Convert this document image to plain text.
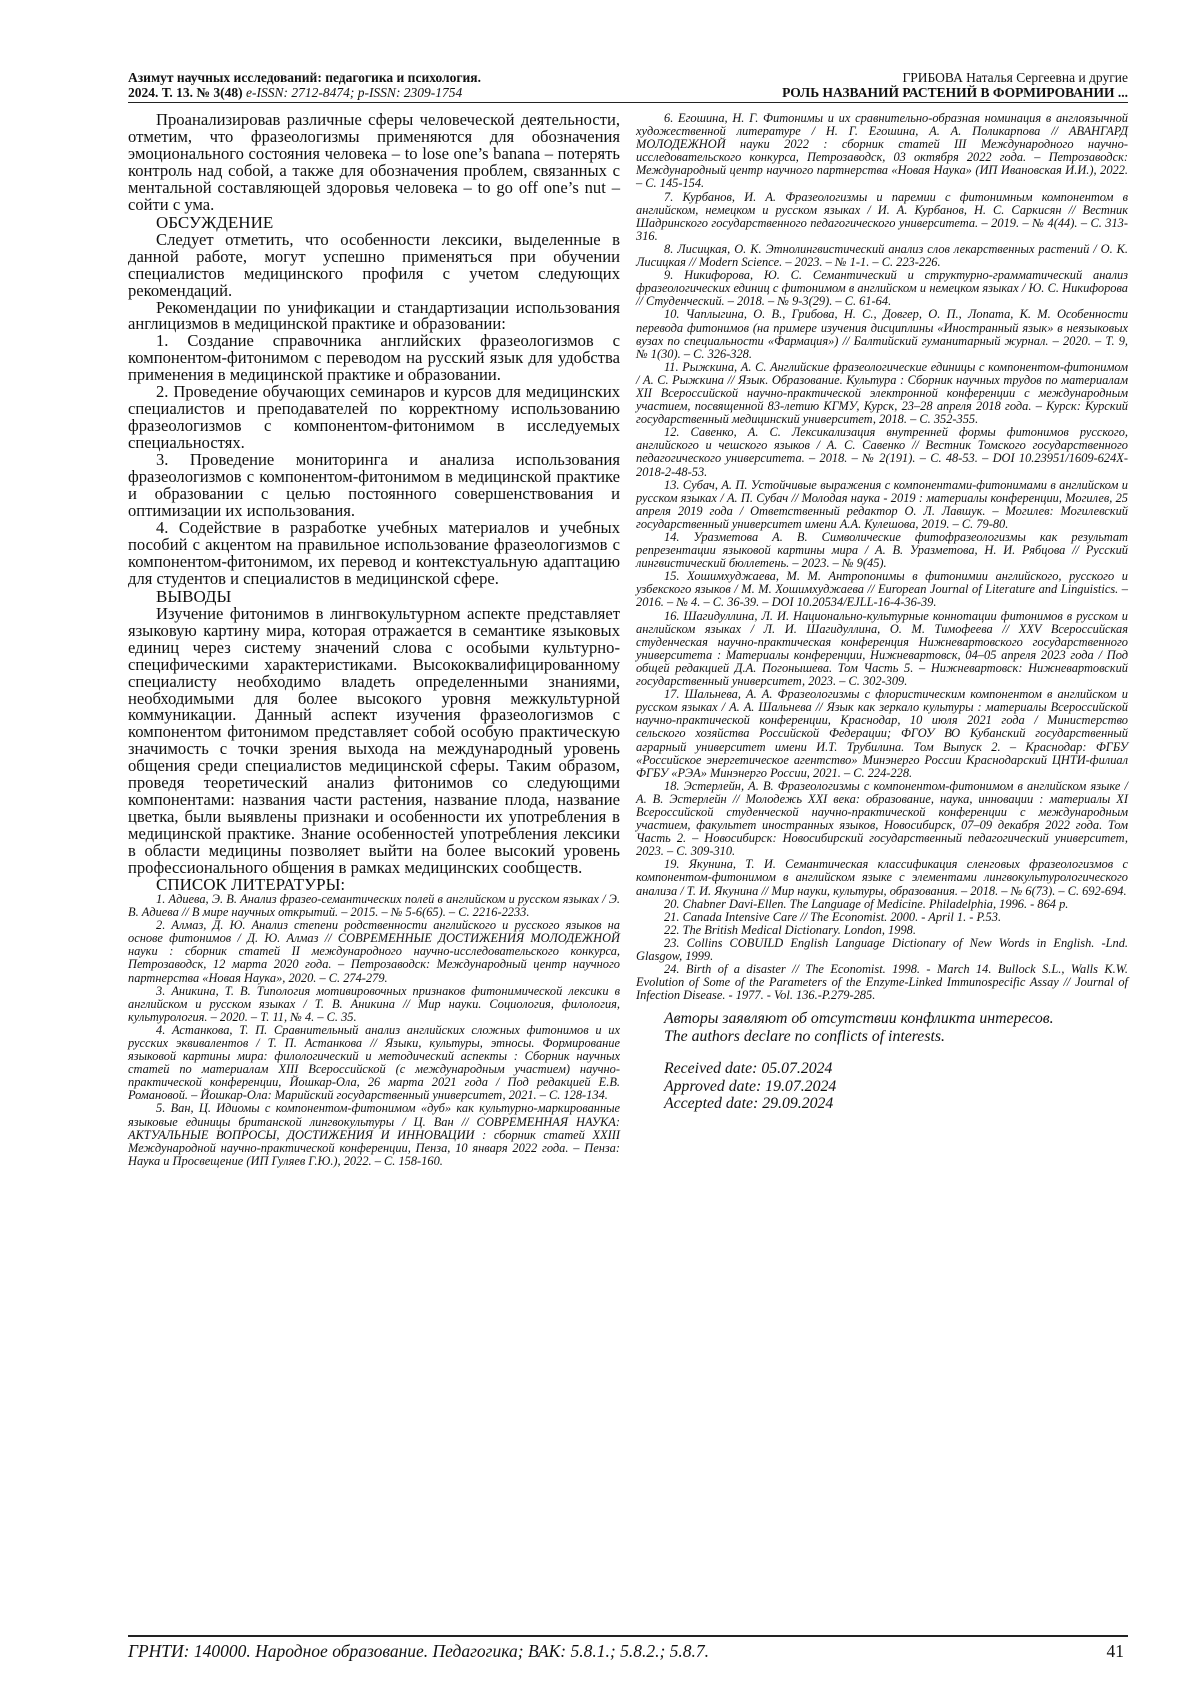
Азимут научных исследований: педагогика и психология.
2024. Т. 13. № 3(48) e-ISSN: 2712-8474; p-ISSN: 2309-1754
ГРИБОВА Наталья Сергеевна и другие
РОЛЬ НАЗВАНИЙ РАСТЕНИЙ В ФОРМИРОВАНИИ ...

Проанализировав различные сферы человеческой деятельности, отметим, что фразеологизмы применяются для обозначения эмоционального состояния человека – to lose one’s banana – потерять контроль над собой, а также для обозначения проблем, связанных с ментальной составляющей здоровья человека – to go off one’s nut – сойти с ума.

ОБСУЖДЕНИЕ

Следует отметить, что особенности лексики, выделенные в данной работе, могут успешно применяться при обучении специалистов медицинского профиля с учетом следующих рекомендаций.

Рекомендации по унификации и стандартизации использования англицизмов в медицинской практике и образовании:

1. Создание справочника английских фразеологизмов с компонентом-фитонимом с переводом на русский язык для удобства применения в медицинской практике и образовании.

2. Проведение обучающих семинаров и курсов для медицинских специалистов и преподавателей по корректному использованию фразеологизмов с компонентом-фитонимом в исследуемых специальностях.

3. Проведение мониторинга и анализа использования фразеологизмов с компонентом-фитонимом в медицинской практике и образовании с целью постоянного совершенствования и оптимизации их использования.

4. Содействие в разработке учебных материалов и учебных пособий с акцентом на правильное использование фразеологизмов с компонентом-фитонимом, их перевод и контекстуальную адаптацию для студентов и специалистов в медицинской сфере.

ВЫВОДЫ

Изучение фитонимов в лингвокультурном аспекте представляет языковую картину мира, которая отражается в семантике языковых единиц через систему значений слова с особыми культурно-специфическими характеристиками. Высококвалифицированному специалисту необходимо владеть определенными знаниями, необходимыми для более высокого уровня межкультурной коммуникации. Данный аспект изучения фразеологизмов с компонентом фитонимом представляет собой особую практическую значимость с точки зрения выхода на международный уровень общения среди специалистов медицинской сферы. Таким образом, проведя теоретический анализ фитонимов со следующими компонентами: названия части растения, название плода, название цветка, были выявлены признаки и особенности их употребления в медицинской практике. Знание особенностей употребления лексики в области медицины позволяет выйти на более высокий уровень профессионального общения в рамках медицинских сообществ.

СПИСОК ЛИТЕРАТУРЫ:

1. Адиева, Э. В. Анализ фразео-семантических полей в английском и русском языках / Э. В. Адиева // В мире научных открытий. – 2015. – № 5-6(65). – С. 2216-2233.

2. Алмаз, Д. Ю. Анализ степени родственности английского и русского языков на основе фитонимов / Д. Ю. Алмаз // СОВРЕМЕННЫЕ ДОСТИЖЕНИЯ МОЛОДЕЖНОЙ науки : сборник статей II международного научно-исследовательского конкурса, Петрозаводск, 12 марта 2020 года. – Петрозаводск: Международный центр научного партнерства «Новая Наука», 2020. – С. 274-279.

3. Аникина, Т. В. Типология мотивировочных признаков фитонимической лексики в английском и русском языках / Т. В. Аникина // Мир науки. Социология, филология, культурология. – 2020. – Т. 11, № 4. – С. 35.

4. Астанкова, Т. П. Сравнительный анализ английских сложных фитонимов и их русских эквивалентов / Т. П. Астанкова // Языки, культуры, этносы. Формирование языковой картины мира: филологический и методический аспекты : Сборник научных статей по материалам XIII Всероссийской (с международным участием) научно-практической конференции, Йошкар-Ола, 26 марта 2021 года / Под редакцией Е.В. Романовой. – Йошкар-Ола: Марийский государственный университет, 2021. – С. 128-134.

5. Ван, Ц. Идиомы с компонентом-фитонимом «дуб» как культурно-маркированные языковые единицы британской лингвокультуры / Ц. Ван // СОВРЕМЕННАЯ НАУКА: АКТУАЛЬНЫЕ ВОПРОСЫ, ДОСТИЖЕНИЯ И ИННОВАЦИИ : сборник статей XXIII Международной научно-практической конференции, Пенза, 10 января 2022 года. – Пенза: Наука и Просвещение (ИП Гуляев Г.Ю.), 2022. – С. 158-160.

6. Егошина, Н. Г. Фитонимы и их сравнительно-образная номинация в англоязычной художественной литературе / Н. Г. Егошина, А. А. Поликарпова // АВАНГАРД МОЛОДЕЖНОЙ науки 2022 : сборник статей III Международного научно-исследовательского конкурса, Петрозаводск, 03 октября 2022 года. – Петрозаводск: Международный центр научного партнерства «Новая Наука» (ИП Ивановская И.И.), 2022. – С. 145-154.

7. Курбанов, И. А. Фразеологизмы и паремии с фитонимным компонентом в английском, немецком и русском языках / И. А. Курбанов, Н. С. Саркисян // Вестник Шадринского государственного педагогического университета. – 2019. – № 4(44). – С. 313-316.

8. Лисицкая, О. К. Этнолингвистический анализ слов лекарственных растений / О. К. Лисицкая // Modern Science. – 2023. – № 1-1. – С. 223-226.

9. Никифорова, Ю. С. Семантический и структурно-грамматический анализ фразеологических единиц с фитонимом в английском и немецком языках / Ю. С. Никифорова // Студенческий. – 2018. – № 9-3(29). – С. 61-64.

10. Чаплыгина, О. В., Грибова, Н. С., Довгер, О. П., Лопата, К. М. Особенности перевода фитонимов (на примере изучения дисциплины «Иностранный язык» в неязыковых вузах по специальности «Фармация») // Балтийский гуманитарный журнал. – 2020. – Т. 9, № 1(30). – С. 326-328.

11. Рыжкина, А. С. Английские фразеологические единицы с компонентом-фитонимом / А. С. Рыжкина // Язык. Образование. Культура : Сборник научных трудов по материалам XII Всероссийской научно-практической электронной конференции с международным участием, посвященной 83-летию КГМУ, Курск, 23–28 апреля 2018 года. – Курск: Курский государственный медицинский университет, 2018. – С. 352-355.

12. Савенко, А. С. Лексикализация внутренней формы фитонимов русского, английского и чешского языков / А. С. Савенко // Вестник Томского государственного педагогического университета. – 2018. – № 2(191). – С. 48-53. – DOI 10.23951/1609-624X-2018-2-48-53.

13. Субач, А. П. Устойчивые выражения с компонентами-фитонимами в английском и русском языках / А. П. Субач // Молодая наука - 2019 : материалы конференции, Могилев, 25 апреля 2019 года / Ответственный редактор О. Л. Лавшук. – Могилев: Могилевский государственный университет имени А.А. Кулешова, 2019. – С. 79-80.

14. Уразметова А. В. Символические фитофразеологизмы как результат репрезентации языковой картины мира / А. В. Уразметова, Н. И. Рябцова // Русский лингвистический бюллетень. – 2023. – № 9(45).

15. Хошимхуджаева, М. М. Антропонимы в фитонимии английского, русского и узбекского языков / М. М. Хошимхуджаева // European Journal of Literature and Linguistics. – 2016. – № 4. – С. 36-39. – DOI 10.20534/EJLL-16-4-36-39.

16. Шагидуллина, Л. И. Национально-культурные коннотации фитонимов в русском и английском языках / Л. И. Шагидуллина, О. М. Тимофеева // XXV Всероссийская студенческая научно-практическая конференция Нижневартовского государственного университета : Материалы конференции, Нижневартовск, 04–05 апреля 2023 года / Под общей редакцией Д.А. Погонышева. Том Часть 5. – Нижневартовск: Нижневартовский государственный университет, 2023. – С. 302-309.

17. Шальнева, А. А. Фразеологизмы с флористическим компонентом в английском и русском языках / А. А. Шальнева // Язык как зеркало культуры : материалы Всероссийской научно-практической конференции, Краснодар, 10 июля 2021 года / Министерство сельского хозяйства Российской Федерации; ФГОУ ВО Кубанский государственный аграрный университет имени И.Т. Трубилина. Том Выпуск 2. – Краснодар: ФГБУ «Российское энергетическое агентство» Минэнерго России Краснодарский ЦНТИ-филиал ФГБУ «РЭА» Минэнерго России, 2021. – С. 224-228.

18. Эстерлейн, А. В. Фразеологизмы с компонентом-фитонимом в английском языке / А. В. Эстерлейн // Молодежь XXI века: образование, наука, инновации : материалы XI Всероссийской студенческой научно-практической конференции с международным участием, факультет иностранных языков, Новосибирск, 07–09 декабря 2022 года. Том Часть 2. – Новосибирск: Новосибирский государственный педагогический университет, 2023. – С. 309-310.

19. Якунина, Т. И. Семантическая классификация сленговых фразеологизмов с компонентом-фитонимом в английском языке с элементами лингвокультурологического анализа / Т. И. Якунина // Мир науки, культуры, образования. – 2018. – № 6(73). – С. 692-694.

20. Chabner Davi-Ellen. The Language of Medicine. Philadelphia, 1996. - 864 p.

21. Canada Intensive Care // The Economist. 2000. - April 1. - P.53.

22. The British Medical Dictionary. London, 1998.

23. Collins COBUILD English Language Dictionary of New Words in English. -Lnd. Glasgow, 1999.

24. Birth of a disaster // The Economist. 1998. - March 14. Bullock S.L., Walls K.W. Evolution of Some of the Parameters of the Enzyme-Linked Immunospecific Assay // Journal of Infection Disease. - 1977. - Vol. 136.-P.279-285.

Авторы заявляют об отсутствии конфликта интересов.

The authors declare no conflicts of interests.

Received date: 05.07.2024
Approved date: 19.07.2024
Accepted date: 29.09.2024
ГРНТИ: 140000. Народное образование. Педагогика; ВАК: 5.8.1.; 5.8.2.; 5.8.7.	41
